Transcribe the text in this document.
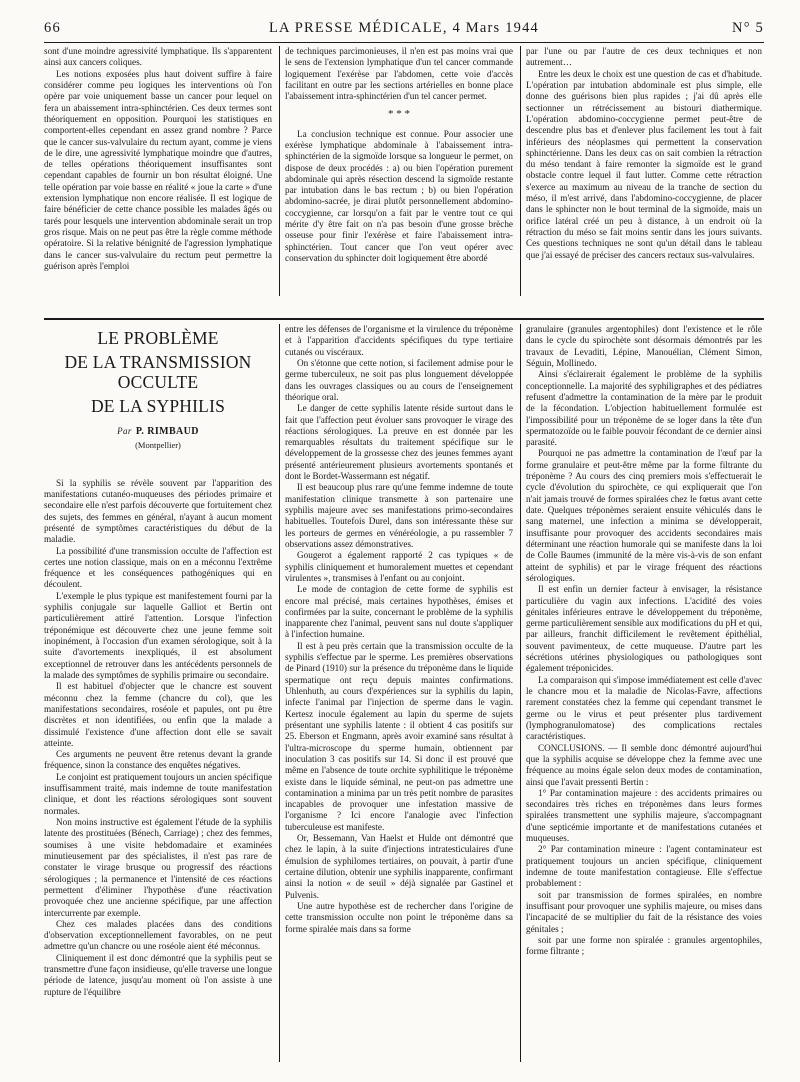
66	LA PRESSE MÉDICALE, 4 Mars 1944	N° 5

sont d'une moindre agressivité lymphatique. Ils s'apparentent ainsi aux cancers coliques.

Les notions exposées plus haut doivent suffire à faire considérer comme peu logiques les interventions où l'on opère par voie uniquement basse un cancer pour lequel on fera un abaissement intra-sphinctérien. Ces deux termes sont théoriquement en opposition. Pourquoi les statistiques en comportent-elles cependant en assez grand nombre ? Parce que le cancer sus-valvulaire du rectum ayant, comme je viens de le dire, une agressivité lymphatique moindre que d'autres, de telles opérations théoriquement insuffisantes sont cependant capables de fournir un bon résultat éloigné. Une telle opération par voie basse en réalité « joue la carte » d'une extension lymphatique non encore réalisée. Il est logique de faire bénéficier de cette chance possible les malades âgés ou tarés pour lesquels une intervention abdominale serait un trop gros risque. Mais on ne peut pas être la règle comme méthode opératoire. Si la relative bénignité de l'agression lymphatique dans le cancer sus-valvulaire du rectum peut permettre la guérison après l'emploi

de techniques parcimonieuses, il n'en est pas moins vrai que le sens de l'extension lymphatique d'un tel cancer commande logiquement l'exérèse par l'abdomen, cette voie d'accès facilitant en outre par les sections artérielles en bonne place l'abaissement intra-sphinctérien d'un tel cancer permet.

* * *

La conclusion technique est connue. Pour associer une exérèse lymphatique abdominale à l'abaissement intra-sphinctérien de la sigmoïde lorsque sa longueur le permet, on dispose de deux procédés : a) ou bien l'opération purement abdominale qui après résection descend la sigmoïde restante par intubation dans le bas rectum ; b) ou bien l'opération abdomino-sacrée, je dirai plutôt personnellement abdomino-coccygienne, car lorsqu'on a fait par le ventre tout ce qui mérite d'y être fait on n'a pas besoin d'une grosse brèche osseuse pour finir l'exérèse et faire l'abaissement intra-sphinctérien. Tout cancer que l'on veut opérer avec conservation du sphincter doit logiquement être abordé

par l'une ou par l'autre de ces deux techniques et non autrement…

Entre les deux le choix est une question de cas et d'habitude. L'opération par intubation abdominale est plus simple, elle donne des guérisons bien plus rapides ; j'ai dû après elle sectionner un rétrécissement au bistouri diathermique. L'opération abdomino-coccygienne permet peut-être de descendre plus bas et d'enlever plus facilement les tout à fait inférieurs des néoplasmes qui permettent la conservation sphinctérienne. Dans les deux cas on sait combien la rétraction du méso tendant à faire remonter la sigmoïde est le grand obstacle contre lequel il faut lutter. Comme cette rétraction s'exerce au maximum au niveau de la tranche de section du méso, il m'est arrivé, dans l'abdomino-coccygienne, de placer dans le sphincter non le bout terminal de la sigmoïde, mais un orifice latéral créé un peu à distance, à un endroit où la rétraction du méso se fait moins sentir dans les jours suivants. Ces questions techniques ne sont qu'un détail dans le tableau que j'ai essayé de préciser des cancers rectaux sus-valvulaires.

LE PROBLÈME
DE LA TRANSMISSION OCCULTE
DE LA SYPHILIS
Par P. RIMBAUD
(Montpellier)

Si la syphilis se révèle souvent par l'apparition des manifestations cutanéo-muqueuses des périodes primaire et secondaire elle n'est parfois découverte que fortuitement chez des sujets, des femmes en général, n'ayant à aucun moment présenté de symptômes caractéristiques du début de la maladie.

La possibilité d'une transmission occulte de l'affection est certes une notion classique, mais on en a méconnu l'extrême fréquence et les conséquences pathogéniques qui en découlent.

L'exemple le plus typique est manifestement fourni par la syphilis conjugale sur laquelle Galliot et Bertin ont particulièrement attiré l'attention. Lorsque l'infection tréponémique est découverte chez une jeune femme soit inopinément, à l'occasion d'un examen sérologique, soit à la suite d'avortements inexpliqués, il est absolument exceptionnel de retrouver dans les antécédents personnels de la malade des symptômes de syphilis primaire ou secondaire.

Il est habituel d'objecter que le chancre est souvent méconnu chez la femme (chancre du col), que les manifestations secondaires, roséole et papules, ont pu être discrètes et non identifiées, ou enfin que la malade a dissimulé l'existence d'une affection dont elle se savait atteinte.

Ces arguments ne peuvent être retenus devant la grande fréquence, sinon la constance des enquêtes négatives.

Le conjoint est pratiquement toujours un ancien spécifique insuffisamment traité, mais indemne de toute manifestation clinique, et dont les réactions sérologiques sont souvent normales.

Non moins instructive est également l'étude de la syphilis latente des prostituées (Bénech, Carriage) ; chez des femmes, soumises à une visite hebdomadaire et examinées minutieusement par des spécialistes, il n'est pas rare de constater le virage brusque ou progressif des réactions sérologiques ; la permanence et l'intensité de ces réactions permettent d'éliminer l'hypothèse d'une réactivation provoquée chez une ancienne spécifique, par une affection intercurrente par exemple.

Chez ces malades placées dans des conditions d'observation exceptionnellement favorables, on ne peut admettre qu'un chancre ou une roséole aient été méconnus.

Cliniquement il est donc démontré que la syphilis peut se transmettre d'une façon insidieuse, qu'elle traverse une longue période de latence, jusqu'au moment où l'on assiste à une rupture de l'équilibre

entre les défenses de l'organisme et la virulence du tréponème et à l'apparition d'accidents spécifiques du type tertiaire cutanés ou viscéraux.

On s'étonne que cette notion, si facilement admise pour le germe tuberculeux, ne soit pas plus longuement développée dans les ouvrages classiques ou au cours de l'enseignement théorique oral.

Le danger de cette syphilis latente réside surtout dans le fait que l'affection peut évoluer sans provoquer le virage des réactions sérologiques. La preuve en est donnée par les remarquables résultats du traitement spécifique sur le développement de la grossesse chez des jeunes femmes ayant présenté antérieurement plusieurs avortements spontanés et dont le Bordet-Wassermann est négatif.

Il est beaucoup plus rare qu'une femme indemne de toute manifestation clinique transmette à son partenaire une syphilis majeure avec ses manifestations primo-secondaires habituelles. Toutefois Durel, dans son intéressante thèse sur les porteurs de germes en vénéréologie, a pu rassembler 7 observations assez démonstratives.

Gougerot a également rapporté 2 cas typiques « de syphilis cliniquement et humoralement muettes et cependant virulentes », transmises à l'enfant ou au conjoint.

Le mode de contagion de cette forme de syphilis est encore mal précisé, mais certaines hypothèses, émises et confirmées par la suite, concernant le problème de la syphilis inapparente chez l'animal, peuvent sans nul doute s'appliquer à l'infection humaine.

Il est à peu près certain que la transmission occulte de la syphilis s'effectue par le sperme. Les premières observations de Pinard (1910) sur la présence du tréponème dans le liquide spermatique ont reçu depuis maintes confirmations. Uhlenhuth, au cours d'expériences sur la syphilis du lapin, infecte l'animal par l'injection de sperme dans le vagin. Kertesz inocule également au lapin du sperme de sujets présentant une syphilis latente : il obtient 4 cas positifs sur 25. Eberson et Engmann, après avoir examiné sans résultat à l'ultra-microscope du sperme humain, obtiennent par inoculation 3 cas positifs sur 14. Si donc il est prouvé que même en l'absence de toute orchite syphilitique le tréponème existe dans le liquide séminal, ne peut-on pas admettre une contamination a minima par un très petit nombre de parasites incapables de provoquer une infestation massive de l'organisme ? Ici encore l'analogie avec l'infection tuberculeuse est manifeste.

Or, Bessemann, Van Haelst et Hulde ont démontré que chez le lapin, à la suite d'injections intratesticulaires d'une émulsion de syphilomes tertiaires, on pouvait, à partir d'une certaine dilution, obtenir une syphilis inapparente, confirmant ainsi la notion « de seuil » déjà signalée par Gastinel et Pulvenis.

Une autre hypothèse est de rechercher dans l'origine de cette transmission occulte non point le tréponème dans sa forme spiralée mais dans sa forme

granulaire (granules argentophiles) dont l'existence et le rôle dans le cycle du spirochète sont désormais démontrés par les travaux de Levaditi, Lépine, Manouélian, Clément Simon, Séguin, Mollinedo.

Ainsi s'éclairerait également le problème de la syphilis conceptionnelle. La majorité des syphiligraphes et des pédiatres refusent d'admettre la contamination de la mère par le produit de la fécondation. L'objection habituellement formulée est l'impossibilité pour un tréponème de se loger dans la tête d'un spermatozoïde ou le faible pouvoir fécondant de ce dernier ainsi parasité.

Pourquoi ne pas admettre la contamination de l'œuf par la forme granulaire et peut-être même par la forme filtrante du tréponème ? Au cours des cinq premiers mois s'effectuerait le cycle d'évolution du spirochète, ce qui expliquerait que l'on n'ait jamais trouvé de formes spiralées chez le fœtus avant cette date. Quelques tréponèmes seraient ensuite véhiculés dans le sang maternel, une infection a minima se développerait, insuffisante pour provoquer des accidents secondaires mais déterminant une réaction humorale qui se manifeste dans la loi de Colle Baumes (immunité de la mère vis-à-vis de son enfant atteint de syphilis) et par le virage fréquent des réactions sérologiques.

Il est enfin un dernier facteur à envisager, la résistance particulière du vagin aux infections. L'acidité des voies génitales inférieures entrave le développement du tréponème, germe particulièrement sensible aux modifications du pH et qui, par ailleurs, franchit difficilement le revêtement épithélial, souvent pavimenteux, de cette muqueuse. D'autre part les sécrétions utérines physiologiques ou pathologiques sont également tréponicides.

La comparaison qui s'impose immédiatement est celle d'avec le chancre mou et la maladie de Nicolas-Favre, affections rarement constatées chez la femme qui cependant transmet le germe ou le virus et peut présenter plus tardivement (lymphogranulomatose) des complications rectales caractéristiques.

CONCLUSIONS. — Il semble donc démontré aujourd'hui que la syphilis acquise se développe chez la femme avec une fréquence au moins égale selon deux modes de contamination, ainsi que l'avait pressenti Bertin :

1° Par contamination majeure : des accidents primaires ou secondaires très riches en tréponèmes dans leurs formes spiralées transmettent une syphilis majeure, s'accompagnant d'une septicémie importante et de manifestations cutanées et muqueuses.

2° Par contamination mineure : l'agent contaminateur est pratiquement toujours un ancien spécifique, cliniquement indemne de toute manifestation contagieuse. Elle s'effectue probablement :

soit par transmission de formes spiralées, en nombre insuffisant pour provoquer une syphilis majeure, ou mises dans l'incapacité de se multiplier du fait de la résistance des voies génitales ;

soit par une forme non spiralée : granules argentophiles, forme filtrante ;
